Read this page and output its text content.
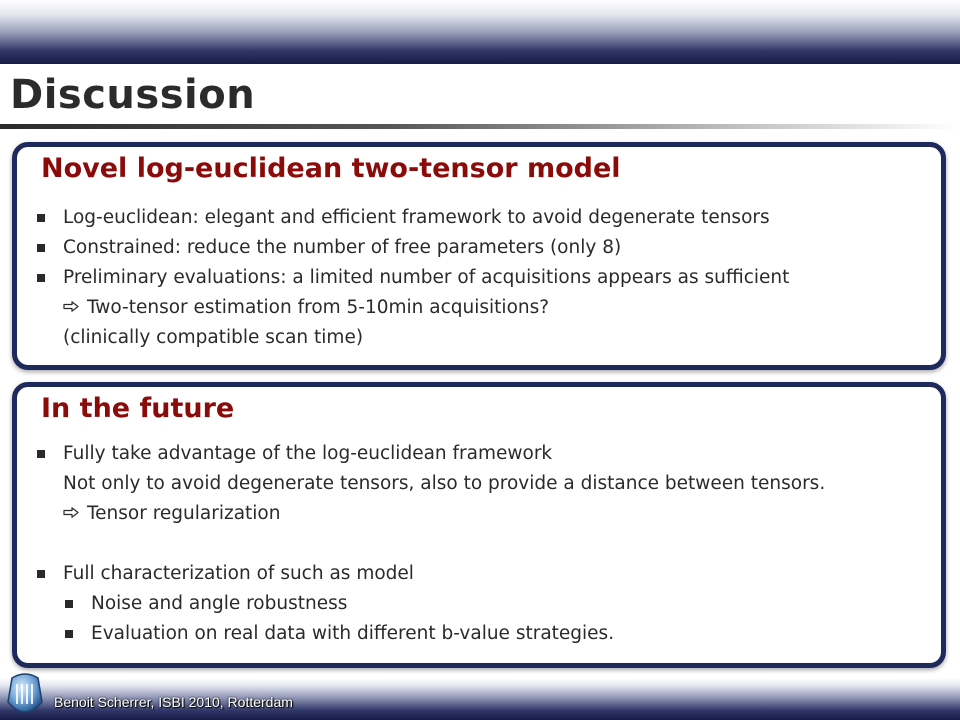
Discussion
Novel log-euclidean two-tensor model
Log-euclidean: elegant and efficient framework to avoid degenerate tensors
Constrained: reduce the number of free parameters (only 8)
Preliminary evaluations: a limited number of acquisitions appears as sufficient
Two-tensor estimation from 5-10min acquisitions?
(clinically compatible scan time)
In the future
Fully take advantage of the log-euclidean framework
Not only to avoid degenerate tensors, also to provide a distance between tensors.
Tensor regularization
Full characterization of such as model
Noise and angle robustness
Evaluation on real data with different b-value strategies.
Benoit Scherrer, ISBI 2010, Rotterdam
